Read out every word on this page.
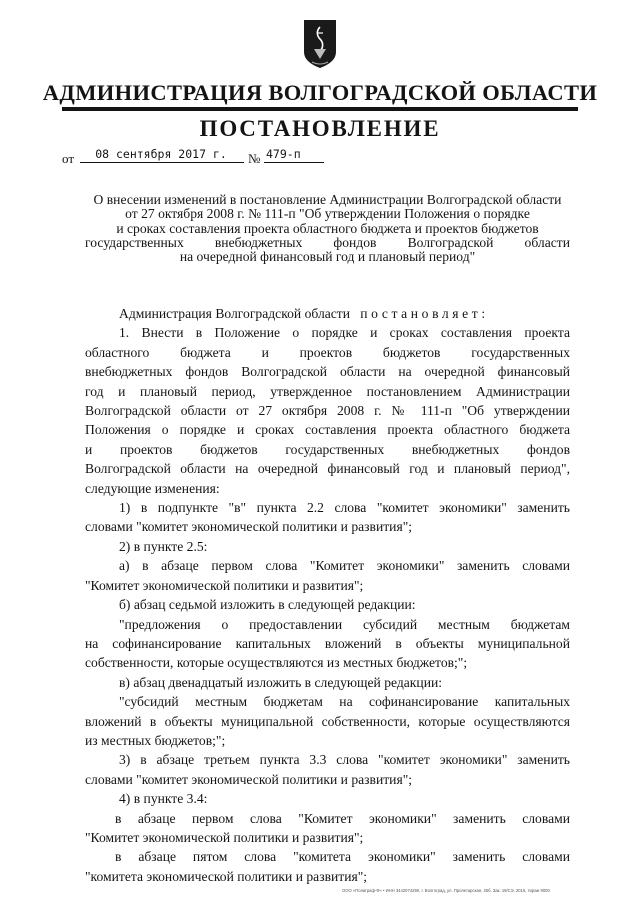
АДМИНИСТРАЦИЯ ВОЛГОГРАДСКОЙ ОБЛАСТИ
ПОСТАНОВЛЕНИЕ
от	08 сентября 2017 г.	№ 479-п
О внесении изменений в постановление Администрации Волгоградской области
от 27 октября 2008 г. № 111-п "Об утверждении Положения о порядке
и сроках составления проекта областного бюджета и проектов бюджетов
государственных внебюджетных фондов Волгоградской области
на очередной финансовый год и плановый период"
Администрация Волгоградской области постановляет:
1. Внести в Положение о порядке и сроках составления проекта
областного бюджета и проектов бюджетов государственных
внебюджетных фондов Волгоградской области на очередной финансовый
год и плановый период, утвержденное постановлением Администрации
Волгоградской области от 27 октября 2008 г. № 111-п "Об утверждении
Положения о порядке и сроках составления проекта областного бюджета
и проектов бюджетов государственных внебюджетных фондов
Волгоградской области на очередной финансовый год и плановый период",
следующие изменения:
1) в подпункте "в" пункта 2.2 слова "комитет экономики" заменить
словами "комитет экономической политики и развития";
2) в пункте 2.5:
а) в абзаце первом слова "Комитет экономики" заменить словами
"Комитет экономической политики и развития";
б) абзац седьмой изложить в следующей редакции:
"предложения о предоставлении субсидий местным бюджетам
на софинансирование капитальных вложений в объекты муниципальной
собственности, которые осуществляются из местных бюджетов;";
в) абзац двенадцатый изложить в следующей редакции:
"субсидий местным бюджетам на софинансирование капитальных
вложений в объекты муниципальной собственности, которые осуществляются
из местных бюджетов;";
3) в абзаце третьем пункта 3.3 слова "комитет экономики" заменить
словами "комитет экономической политики и развития";
4) в пункте 3.4:
в абзаце первом слова "Комитет экономики" заменить словами
"Комитет экономической политики и развития";
в абзаце пятом слова "комитета экономики" заменить словами
"комитета экономической политики и развития";
ООО «Полиграф-Ф» • ИНН 3442074290, г. Волгоград, ул. Пролетарская, 25б. Зак. 19/СЭ, 2015, тираж 9000
